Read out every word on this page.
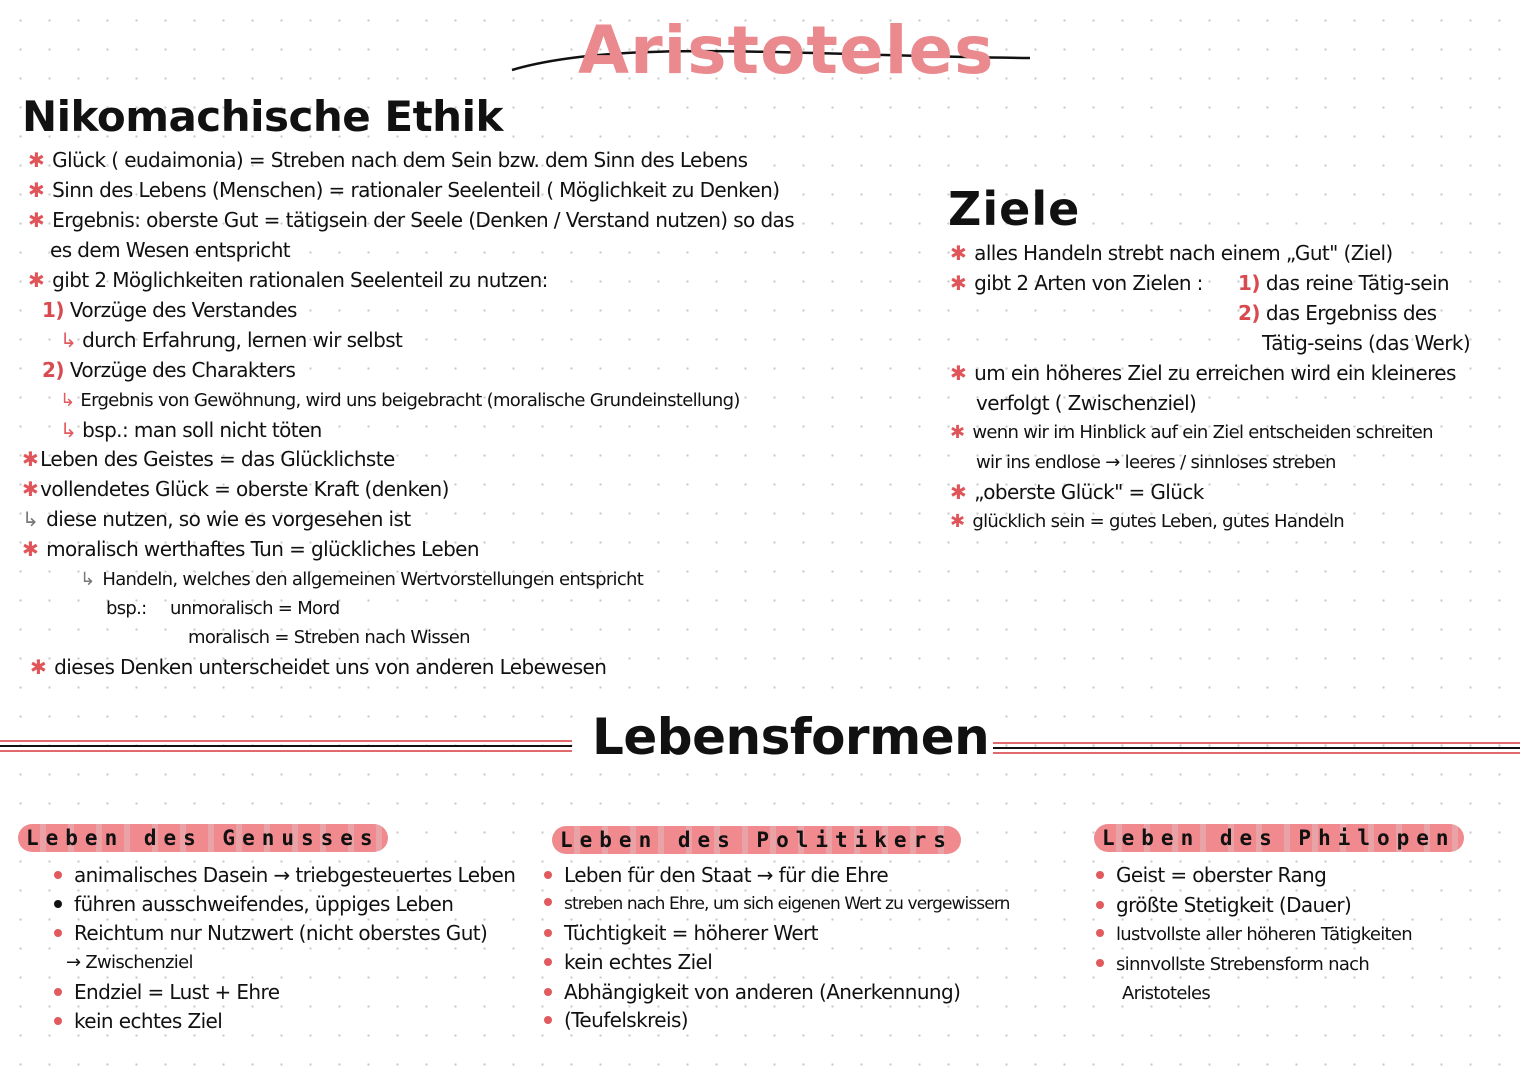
Aristoteles
Nikomachische Ethik
✱ Glück ( eudaimonia) = Streben nach dem Sein bzw. dem Sinn des Lebens
✱ Sinn des Lebens (Menschen) = rationaler Seelenteil ( Möglichkeit zu Denken)
✱ Ergebnis: oberste Gut = tätigsein der Seele (Denken / Verstand nutzen) so das
es dem Wesen entspricht
✱ gibt 2 Möglichkeiten rationalen Seelenteil zu nutzen:
1) Vorzüge des Verstandes
↳ durch Erfahrung, lernen wir selbst
2) Vorzüge des Charakters
↳ Ergebnis von Gewöhnung, wird uns beigebracht (moralische Grundeinstellung)
↳ bsp.: man soll nicht töten
✱ Leben des Geistes = das Glücklichste
✱ vollendetes Glück = oberste Kraft (denken)
↳ diese nutzen, so wie es vorgesehen ist
✱ moralisch werthaftes Tun = glückliches Leben
↳ Handeln, welches den allgemeinen Wertvorstellungen entspricht
bsp.: unmoralisch = Mord
moralisch = Streben nach Wissen
✱ dieses Denken unterscheidet uns von anderen Lebewesen
Ziele
✱ alles Handeln strebt nach einem „Gut" (Ziel)
✱ gibt 2 Arten von Zielen : 1) das reine Tätig-sein
2) das Ergebniss des
Tätig-seins (das Werk)
✱ um ein höheres Ziel zu erreichen wird ein kleineres
verfolgt ( Zwischenziel)
✱ wenn wir im Hinblick auf ein Ziel entscheiden schreiten
wir ins endlose → leeres / sinnloses streben
✱ „oberste Glück" = Glück
✱ glücklich sein = gutes Leben, gutes Handeln
Lebensformen
Leben des Genusses
animalisches Dasein → triebgesteuertes Leben
führen ausschweifendes, üppiges Leben
Reichtum nur Nutzwert (nicht oberstes Gut)
→ Zwischenziel
Endziel = Lust + Ehre
kein echtes Ziel
Leben des Politikers
Leben für den Staat → für die Ehre
streben nach Ehre, um sich eigenen Wert zu vergewissern
Tüchtigkeit = höherer Wert
kein echtes Ziel
Abhängigkeit von anderen (Anerkennung)
(Teufelskreis)
Leben des Philopen
Geist = oberster Rang
größte Stetigkeit (Dauer)
lustvollste aller höheren Tätigkeiten
sinnvollste Strebensform nach
Aristoteles
